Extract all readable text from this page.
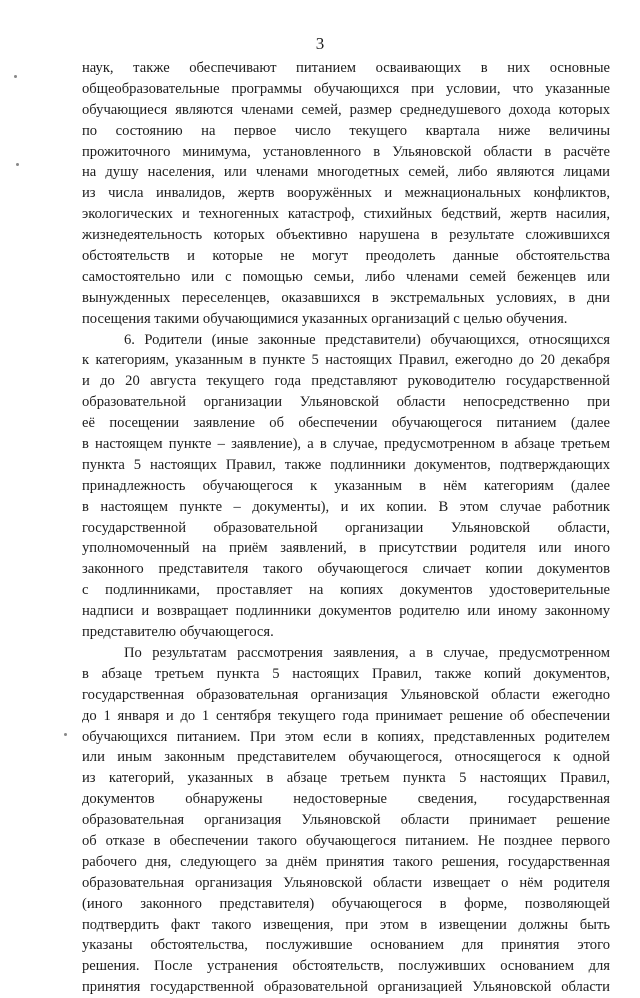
3
наук, также обеспечивают питанием осваивающих в них основные
общеобразовательные программы обучающихся при условии, что указанные
обучающиеся являются членами семей, размер среднедушевого дохода которых
по состоянию на первое число текущего квартала ниже величины
прожиточного минимума, установленного в Ульяновской области в расчёте
на душу населения, или членами многодетных семей, либо являются лицами
из числа инвалидов, жертв вооружённых и межнациональных конфликтов,
экологических и техногенных катастроф, стихийных бедствий, жертв насилия,
жизнедеятельность которых объективно нарушена в результате сложившихся
обстоятельств и которые не могут преодолеть данные обстоятельства
самостоятельно или с помощью семьи, либо членами семей беженцев или
вынужденных переселенцев, оказавшихся в экстремальных условиях, в дни
посещения такими обучающимися указанных организаций с целью обучения.
6. Родители (иные законные представители) обучающихся, относящихся
к категориям, указанным в пункте 5 настоящих Правил, ежегодно до 20 декабря
и до 20 августа текущего года представляют руководителю государственной
образовательной организации Ульяновской области непосредственно при
её посещении заявление об обеспечении обучающегося питанием (далее
в настоящем пункте – заявление), а в случае, предусмотренном в абзаце третьем
пункта 5 настоящих Правил, также подлинники документов, подтверждающих
принадлежность обучающегося к указанным в нём категориям (далее
в настоящем пункте – документы), и их копии. В этом случае работник
государственной образовательной организации Ульяновской области,
уполномоченный на приём заявлений, в присутствии родителя или иного
законного представителя такого обучающегося сличает копии документов
с подлинниками, проставляет на копиях документов удостоверительные
надписи и возвращает подлинники документов родителю или иному законному
представителю обучающегося.
По результатам рассмотрения заявления, а в случае, предусмотренном
в абзаце третьем пункта 5 настоящих Правил, также копий документов,
государственная образовательная организация Ульяновской области ежегодно
до 1 января и до 1 сентября текущего года принимает решение об обеспечении
обучающихся питанием. При этом если в копиях, представленных родителем
или иным законным представителем обучающегося, относящегося к одной
из категорий, указанных в абзаце третьем пункта 5 настоящих Правил,
документов обнаружены недостоверные сведения, государственная
образовательная организация Ульяновской области принимает решение
об отказе в обеспечении такого обучающегося питанием. Не позднее первого
рабочего дня, следующего за днём принятия такого решения, государственная
образовательная организация Ульяновской области извещает о нём родителя
(иного законного представителя) обучающегося в форме, позволяющей
подтвердить факт такого извещения, при этом в извещении должны быть
указаны обстоятельства, послужившие основанием для принятия этого
решения. После устранения обстоятельств, послуживших основанием для
принятия государственной образовательной организацией Ульяновской области
